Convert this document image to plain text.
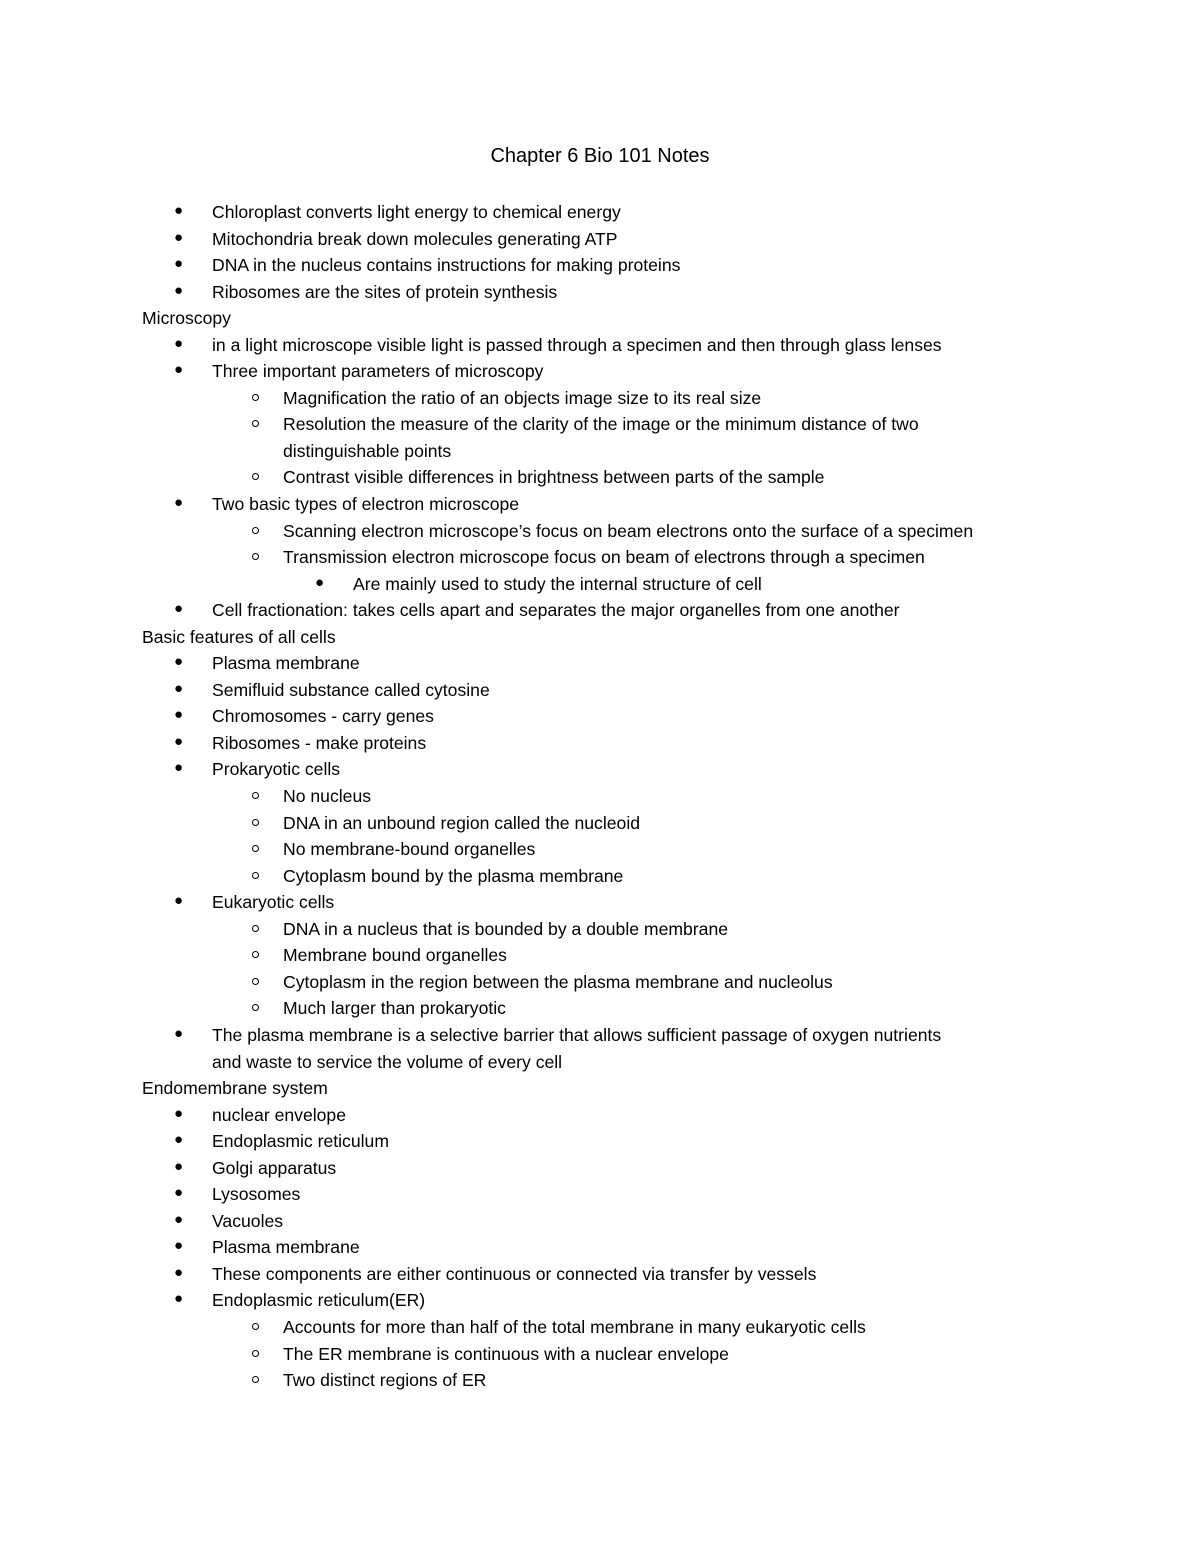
Chapter 6 Bio 101 Notes
● Chloroplast converts light energy to chemical energy
● Mitochondria break down molecules generating ATP
● DNA in the nucleus contains instructions for making proteins
● Ribosomes are the sites of protein synthesis
Microscopy
● in a light microscope visible light is passed through a specimen and then through glass lenses
● Three important parameters of microscopy
Magnification the ratio of an objects image size to its real size
Resolution the measure of the clarity of the image or the minimum distance of two
distinguishable points
Contrast visible differences in brightness between parts of the sample
● Two basic types of electron microscope
Scanning electron microscope’s focus on beam electrons onto the surface of a specimen
Transmission electron microscope focus on beam of electrons through a specimen
● Are mainly used to study the internal structure of cell
● Cell fractionation: takes cells apart and separates the major organelles from one another
Basic features of all cells
● Plasma membrane
● Semifluid substance called cytosine
● Chromosomes - carry genes
● Ribosomes - make proteins
● Prokaryotic cells
No nucleus
DNA in an unbound region called the nucleoid
No membrane-bound organelles
Cytoplasm bound by the plasma membrane
● Eukaryotic cells
DNA in a nucleus that is bounded by a double membrane
Membrane bound organelles
Cytoplasm in the region between the plasma membrane and nucleolus
Much larger than prokaryotic
● The plasma membrane is a selective barrier that allows sufficient passage of oxygen nutrients
and waste to service the volume of every cell
Endomembrane system
● nuclear envelope
● Endoplasmic reticulum
● Golgi apparatus
● Lysosomes
● Vacuoles
● Plasma membrane
● These components are either continuous or connected via transfer by vessels
● Endoplasmic reticulum(ER)
Accounts for more than half of the total membrane in many eukaryotic cells
The ER membrane is continuous with a nuclear envelope
Two distinct regions of ER
